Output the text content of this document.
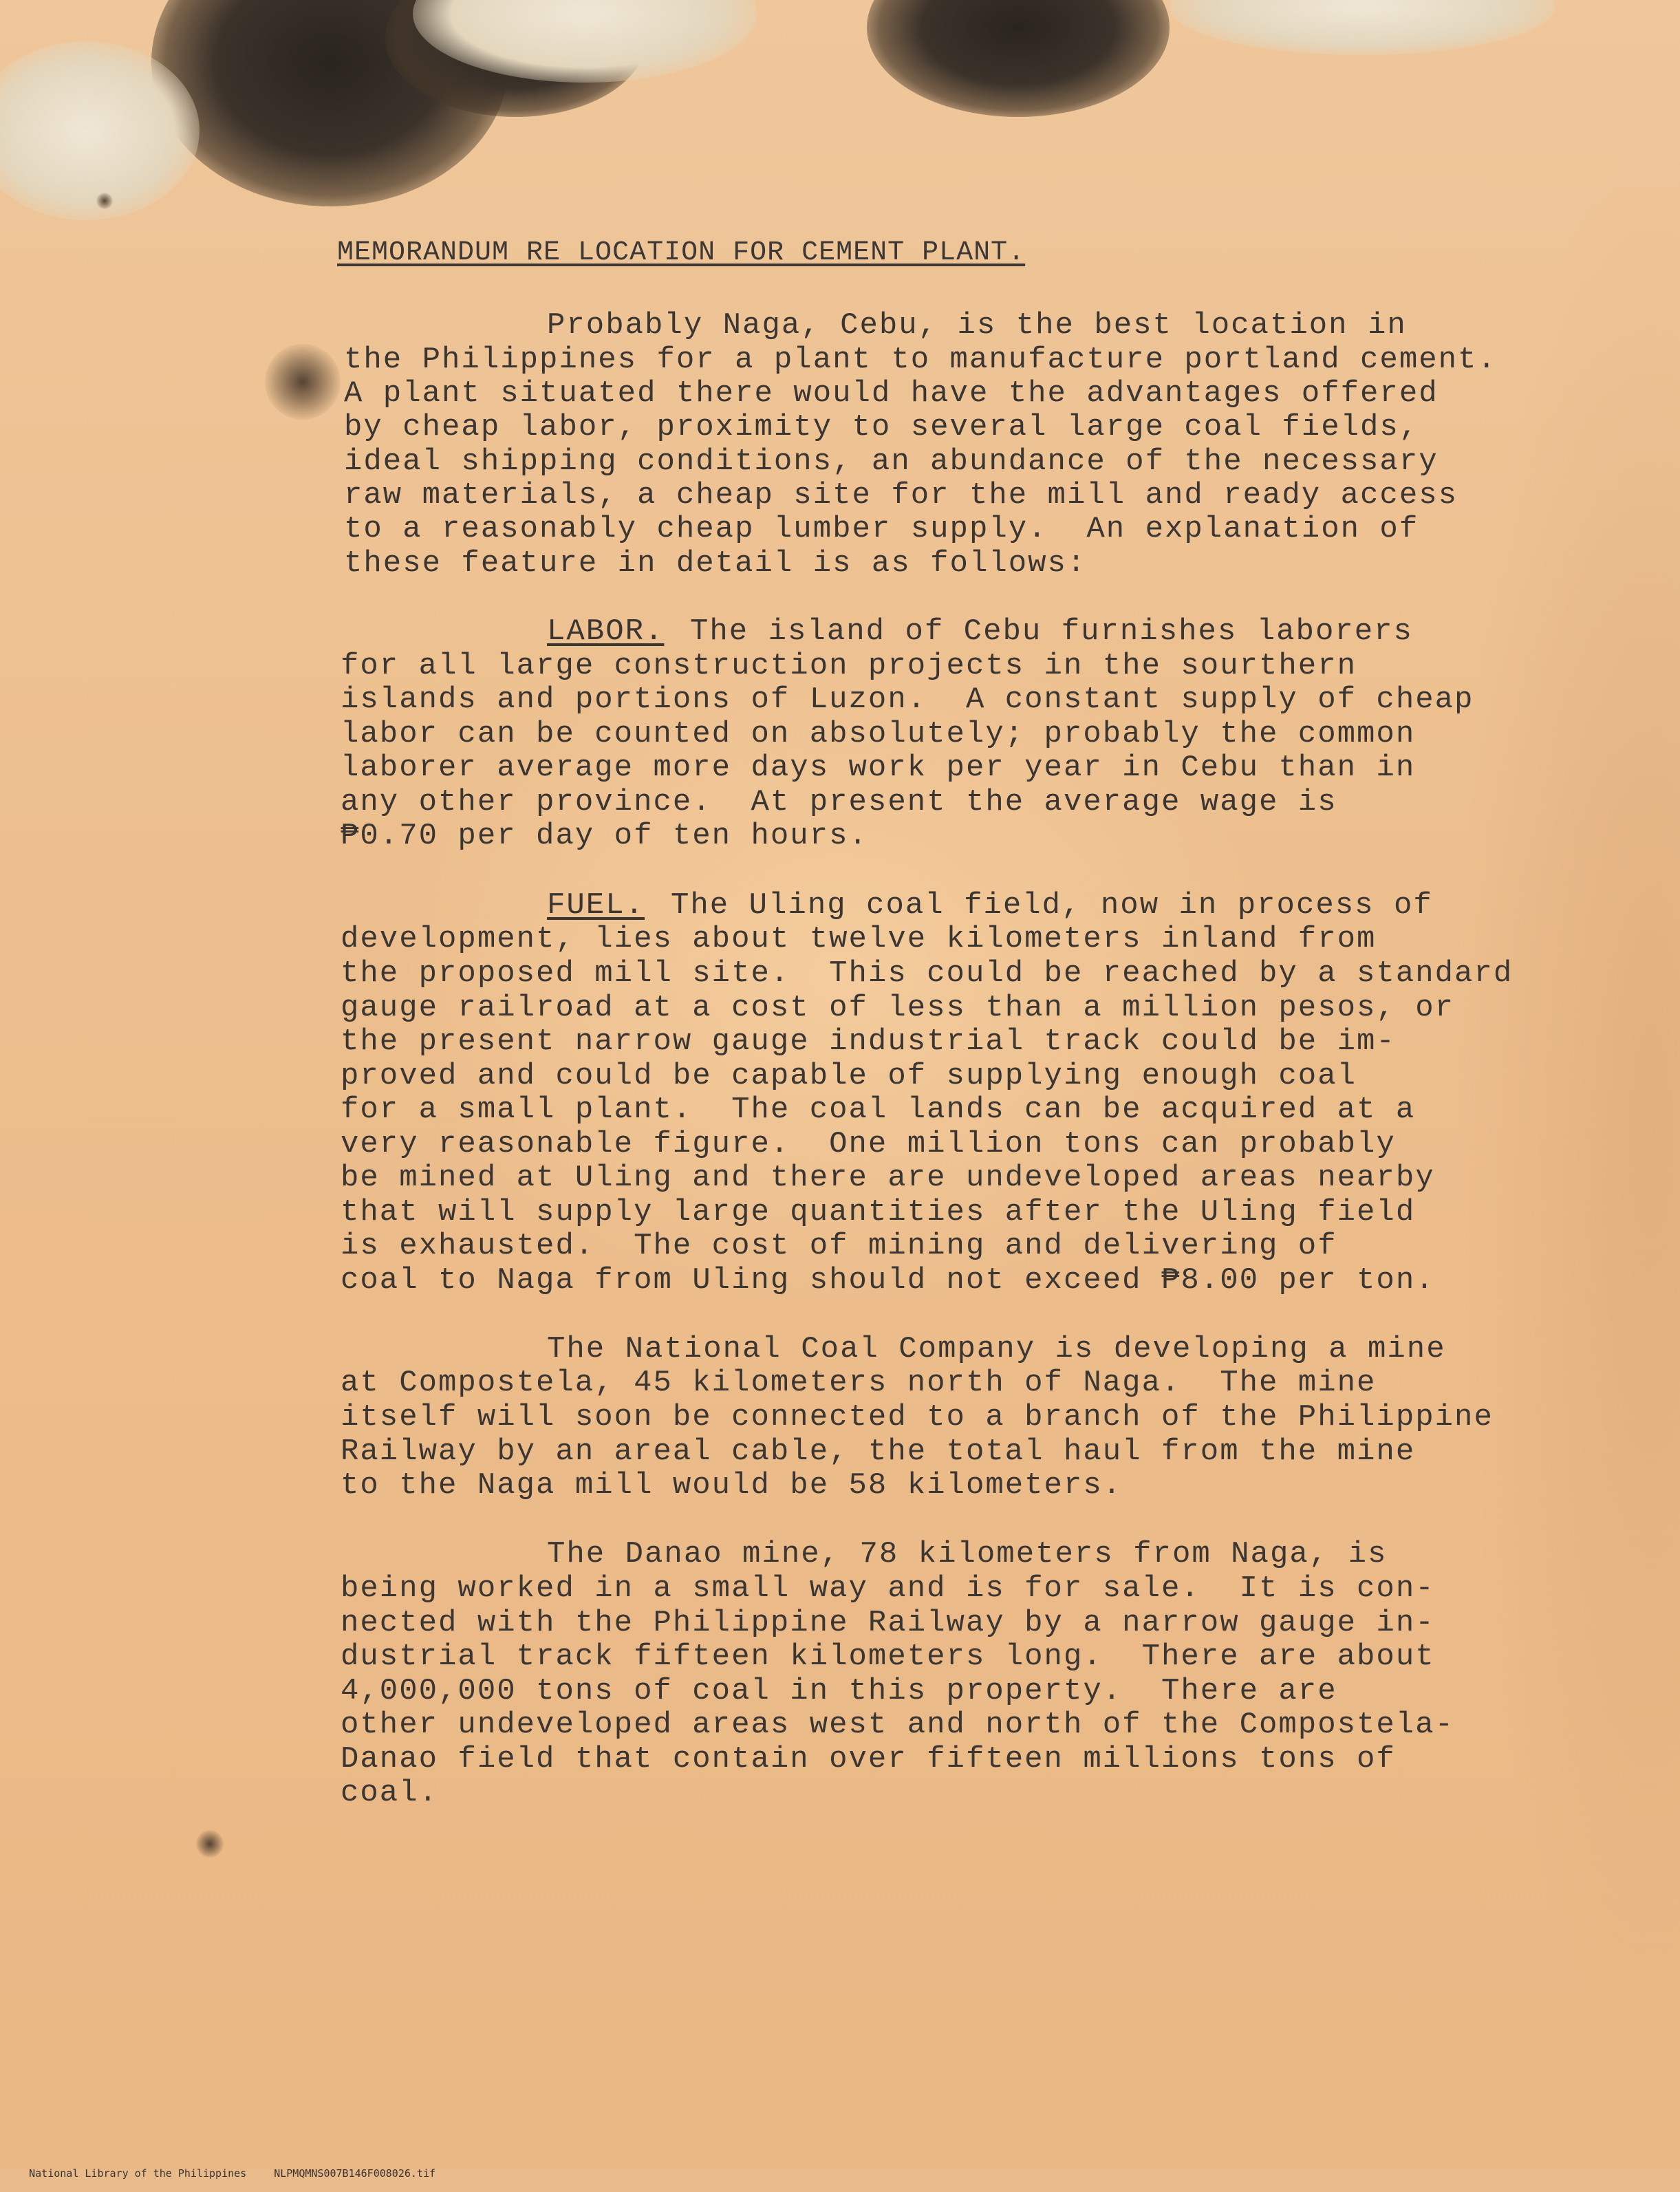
MEMORANDUM RE LOCATION FOR CEMENT PLANT.
Probably Naga, Cebu, is the best location in
the Philippines for a plant to manufacture portland cement.
A plant situated there would have the advantages offered
by cheap labor, proximity to several large coal fields,
ideal shipping conditions, an abundance of the necessary
raw materials, a cheap site for the mill and ready access
to a reasonably cheap lumber supply.  An explanation of
these feature in detail is as follows:
LABOR. The island of Cebu furnishes laborers
for all large construction projects in the sourthern
islands and portions of Luzon.  A constant supply of cheap
labor can be counted on absolutely; probably the common
laborer average more days work per year in Cebu than in
any other province.  At present the average wage is
₱0.70 per day of ten hours.
FUEL. The Uling coal field, now in process of
development, lies about twelve kilometers inland from
the proposed mill site.  This could be reached by a standard
gauge railroad at a cost of less than a million pesos, or
the present narrow gauge industrial track could be im-
proved and could be capable of supplying enough coal
for a small plant.  The coal lands can be acquired at a
very reasonable figure.  One million tons can probably
be mined at Uling and there are undeveloped areas nearby
that will supply large quantities after the Uling field
is exhausted.  The cost of mining and delivering of
coal to Naga from Uling should not exceed ₱8.00 per ton.
The National Coal Company is developing a mine
at Compostela, 45 kilometers north of Naga.  The mine
itself will soon be connected to a branch of the Philippine
Railway by an areal cable, the total haul from the mine
to the Naga mill would be 58 kilometers.
The Danao mine, 78 kilometers from Naga, is
being worked in a small way and is for sale.  It is con-
nected with the Philippine Railway by a narrow gauge in-
dustrial track fifteen kilometers long.  There are about
4,000,000 tons of coal in this property.  There are
other undeveloped areas west and north of the Compostela-
Danao field that contain over fifteen millions tons of
coal.

National Library of the Philippines	NLPMQMNS007B146F008026.tif
